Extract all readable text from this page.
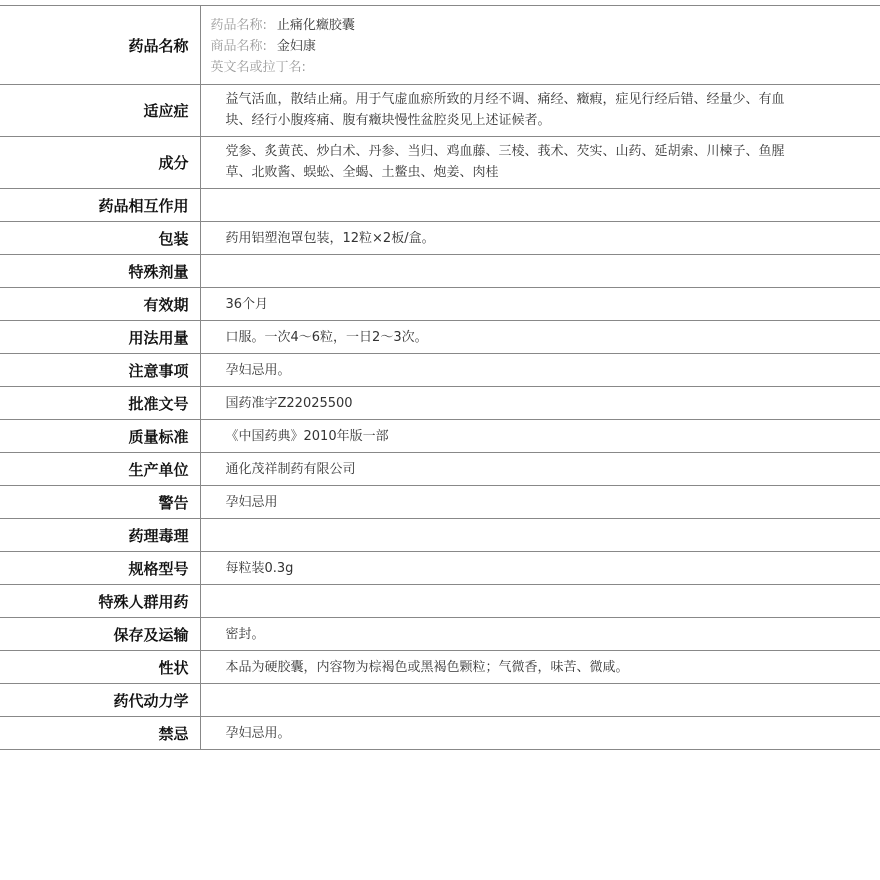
药品名称	药品名称: 止痛化癥胶囊
商品名称: 金妇康
英文名或拉丁名:

适应症	益气活血，散结止痛。用于气虚血瘀所致的月经不调、痛经、癥瘕，症见行经后错、经量少、有血块、经行小腹疼痛、腹有癥块慢性盆腔炎见上述证候者。
成分	党参、炙黄芪、炒白术、丹参、当归、鸡血藤、三棱、莪术、芡实、山药、延胡索、川楝子、鱼腥草、北败酱、蜈蚣、全蝎、土鳖虫、炮姜、肉桂
药品相互作用	
包装	药用铝塑泡罩包装，12粒×2板/盒。
特殊剂量	
有效期	36个月
用法用量	口服。一次4～6粒，一日2～3次。
注意事项	孕妇忌用。
批准文号	国药准字Z22025500
质量标准	《中国药典》2010年版一部
生产单位	通化茂祥制药有限公司
警告	孕妇忌用
药理毒理	
规格型号	每粒装0.3g
特殊人群用药	
保存及运输	密封。
性状	本品为硬胶囊，内容物为棕褐色或黑褐色颗粒；气微香，味苦、微咸。
药代动力学	
禁忌	孕妇忌用。
